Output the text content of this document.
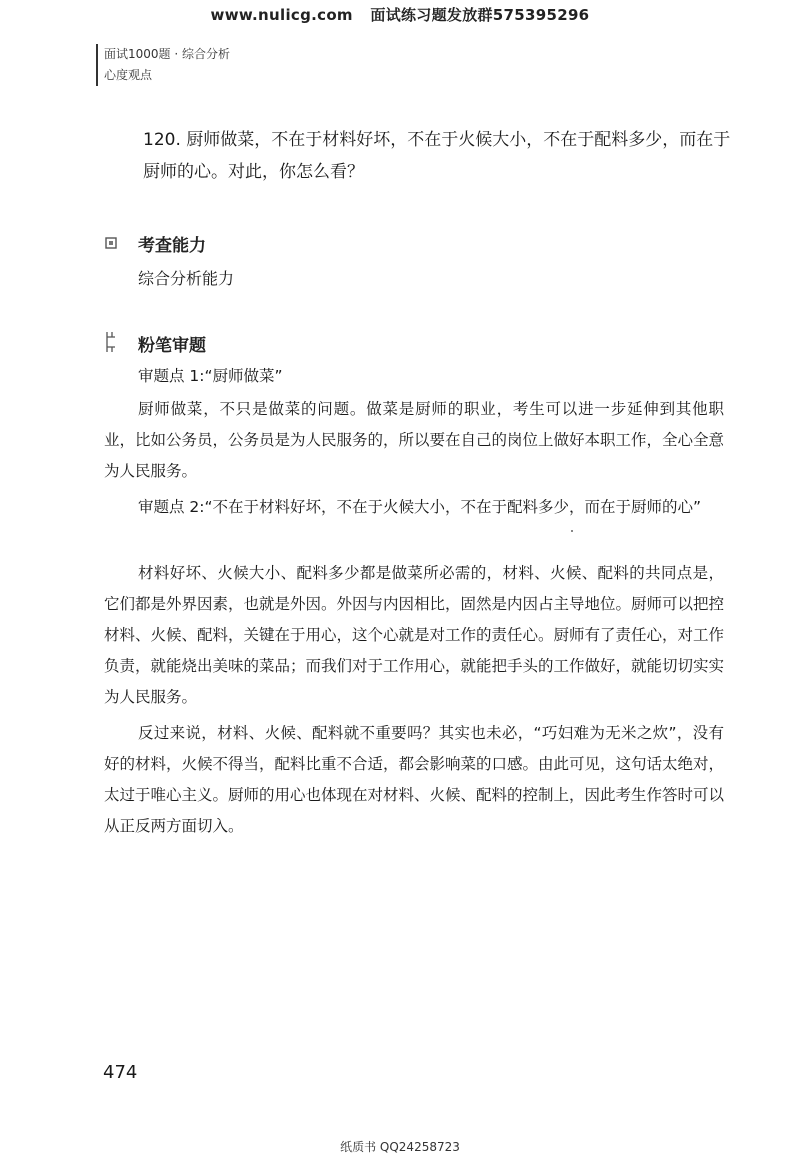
www.nulicg.com 面试练习题发放群575395296
面试1000题 · 综合分析
心度观点
120. 厨师做菜，不在于材料好坏，不在于火候大小，不在于配料多少，而在于厨师的心。对此，你怎么看？
考查能力
综合分析能力
粉笔审题
审题点 1:“厨师做菜”
厨师做菜，不只是做菜的问题。做菜是厨师的职业，考生可以进一步延伸到其他职业，比如公务员，公务员是为人民服务的，所以要在自己的岗位上做好本职工作，全心全意为人民服务。
审题点 2:“不在于材料好坏，不在于火候大小，不在于配料多少，而在于厨师的心”
材料好坏、火候大小、配料多少都是做菜所必需的，材料、火候、配料的共同点是，它们都是外界因素，也就是外因。外因与内因相比，固然是内因占主导地位。厨师可以把控材料、火候、配料，关键在于用心，这个心就是对工作的责任心。厨师有了责任心，对工作负责，就能烧出美味的菜品；而我们对于工作用心，就能把手头的工作做好，就能切切实实为人民服务。
反过来说，材料、火候、配料就不重要吗？其实也未必，“巧妇难为无米之炊”，没有好的材料，火候不得当，配料比重不合适，都会影响菜的口感。由此可见，这句话太绝对，太过于唯心主义。厨师的用心也体现在对材料、火候、配料的控制上，因此考生作答时可以从正反两方面切入。
474
纸质书 QQ24258723
